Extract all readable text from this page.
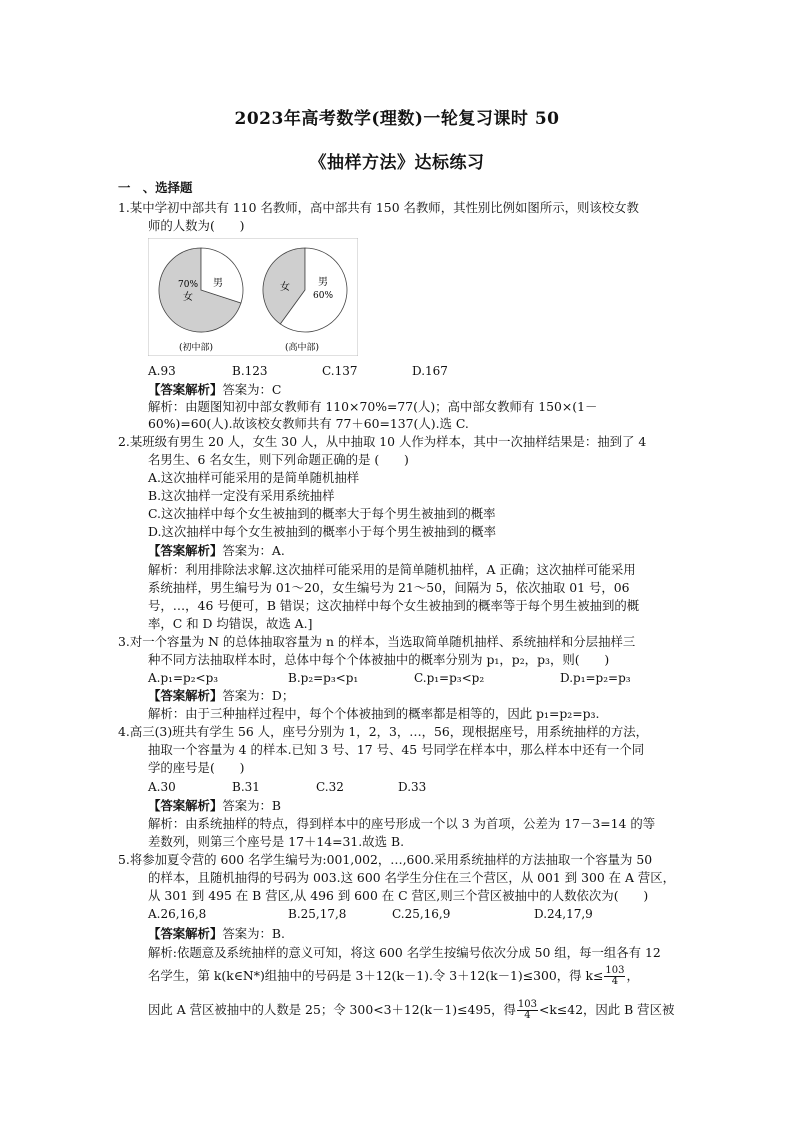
2023年高考数学(理数)一轮复习课时 50
《抽样方法》达标练习
一　、选择题
1.某中学初中部共有 110 名教师，高中部共有 150 名教师，其性别比例如图所示，则该校女教
师的人数为(　　)
70%
女
男
(初中部)
女	男
60%
(高中部)
A.93	B.123	C.137	D.167
【答案解析】答案为：C
解析：由题图知初中部女教师有 110×70%=77(人)；高中部女教师有 150×(1－
60%)=60(人).故该校女教师共有 77＋60=137(人).选 C.
2.某班级有男生 20 人，女生 30 人，从中抽取 10 人作为样本，其中一次抽样结果是：抽到了 4
名男生、6 名女生，则下列命题正确的是 (　　)
A.这次抽样可能采用的是简单随机抽样
B.这次抽样一定没有采用系统抽样
C.这次抽样中每个女生被抽到的概率大于每个男生被抽到的概率
D.这次抽样中每个女生被抽到的概率小于每个男生被抽到的概率
【答案解析】答案为：A.
解析：利用排除法求解.这次抽样可能采用的是简单随机抽样，A 正确；这次抽样可能采用
系统抽样，男生编号为 01～20，女生编号为 21～50，间隔为 5，依次抽取 01 号，06
号，…，46 号便可，B 错误；这次抽样中每个女生被抽到的概率等于每个男生被抽到的概
率，C 和 D 均错误，故选 A.]
3.对一个容量为 N 的总体抽取容量为 n 的样本，当选取简单随机抽样、系统抽样和分层抽样三
种不同方法抽取样本时，总体中每个个体被抽中的概率分别为 p₁，p₂，p₃，则(　　)
A.p₁=p₂<p₃	B.p₂=p₃<p₁	C.p₁=p₃<p₂	D.p₁=p₂=p₃
【答案解析】答案为：D；
解析：由于三种抽样过程中，每个个体被抽到的概率都是相等的，因此 p₁=p₂=p₃.
4.高三(3)班共有学生 56 人，座号分别为 1，2，3，…，56，现根据座号，用系统抽样的方法，
抽取一个容量为 4 的样本.已知 3 号、17 号、45 号同学在样本中，那么样本中还有一个同
学的座号是(　　)
A.30	B.31	C.32	D.33
【答案解析】答案为：B
解析：由系统抽样的特点，得到样本中的座号形成一个以 3 为首项，公差为 17－3=14 的等
差数列，则第三个座号是 17＋14=31.故选 B.
5.将参加夏令营的 600 名学生编号为:001,002，…,600.采用系统抽样的方法抽取一个容量为 50
的样本，且随机抽得的号码为 003.这 600 名学生分住在三个营区，从 001 到 300 在 A 营区，
从 301 到 495 在 B 营区,从 496 到 600 在 C 营区,则三个营区被抽中的人数依次为(　　)
A.26,16,8	B.25,17,8	C.25,16,9	D.24,17,9
【答案解析】答案为：B.
解析:依题意及系统抽样的意义可知，将这 600 名学生按编号依次分成 50 组，每一组各有 12
名学生，第 k(k∈N*)组抽中的号码是 3＋12(k－1).令 3＋12(k－1)≤300，得 $k\le \frac{103}{4}$ ，
因此 A 营区被抽中的人数是 25；令 300<3＋12(k－1)≤495，得 $\frac{103}{4} <k\le 42$，因此 B 营区被
